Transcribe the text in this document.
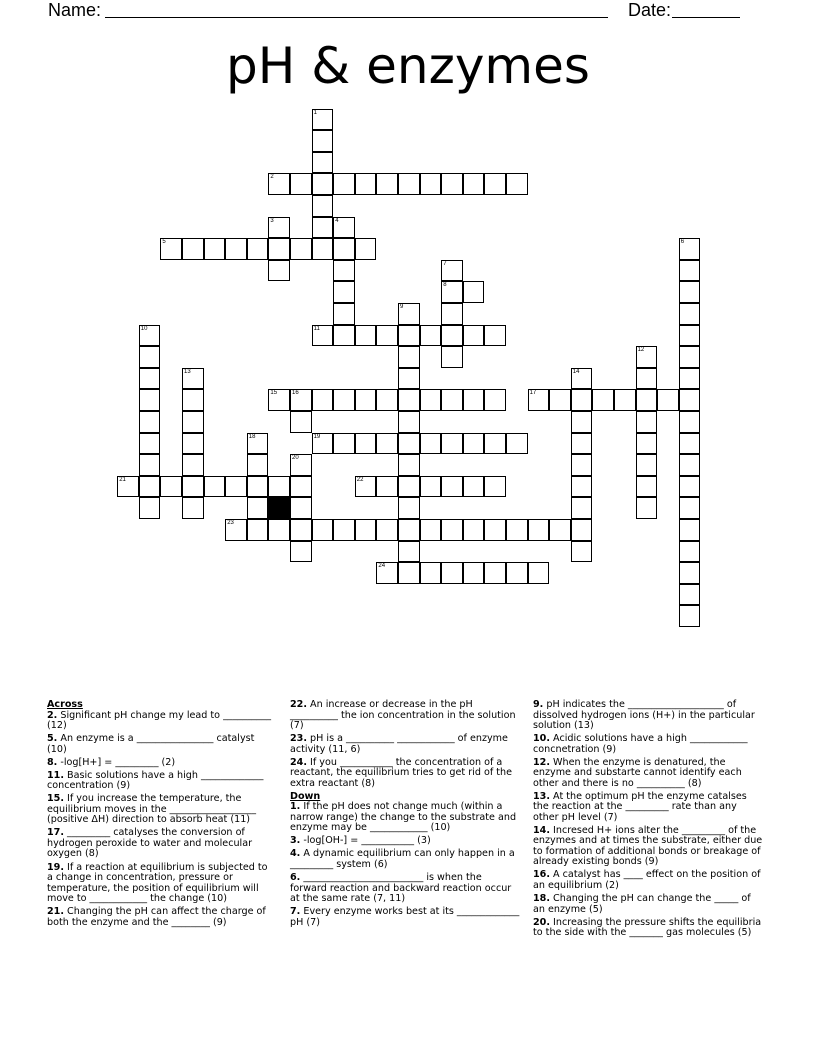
Name:	Date:
pH & enzymes
1
2
3	4
5	6
7
8
9
10	11
12
13	14
15 16	17
18	19
20
21	22
23
24
Across
2. Significant pH change my lead to __________ (12)
5. An enzyme is a ________________ catalyst (10)
8. -log[H+] = _________ (2)
11. Basic solutions have a high _____________ concentration (9)
15. If you increase the temperature, the equilibrium moves in the __________________ (positive ΔH) direction to absorb heat (11)
17. _________ catalyses the conversion of hydrogen peroxide to water and molecular oxygen (8)
19. If a reaction at equilibrium is subjected to a change in concentration, pressure or temperature, the position of equilibrium will move to ____________ the change (10)
21. Changing the pH can affect the charge of both the enzyme and the ________ (9)
22. An increase or decrease in the pH __________ the ion concentration in the solution (7)
23. pH is a __________ ____________ of enzyme activity (11, 6)
24. If you ___________ the concentration of a reactant, the equilibrium tries to get rid of the extra reactant (8)
Down
1. If the pH does not change much (within a narrow range) the change to the substrate and enzyme may be ____________ (10)
3. -log[OH-] = ___________ (3)
4. A dynamic equilibrium can only happen in a _________ system (6)
6. _________________________ is when the forward reaction and backward reaction occur at the same rate (7, 11)
7. Every enzyme works best at its _____________ pH (7)
9. pH indicates the ____________________ of dissolved hydrogen ions (H+) in the particular solution (13)
10. Acidic solutions have a high ____________ concnetration (9)
12. When the enzyme is denatured, the enzyme and substarte cannot identify each other and there is no __________ (8)
13. At the optimum pH the enzyme catalses the reaction at the _________ rate than any other pH level (7)
14. Incresed H+ ions alter the _________ of the enzymes and at times the substrate, either due to formation of additional bonds or breakage of already existing bonds (9)
16. A catalyst has ____ effect on the position of an equilibrium (2)
18. Changing the pH can change the _____ of an enzyme (5)
20. Increasing the pressure shifts the equilibria to the side with the _______ gas molecules (5)
